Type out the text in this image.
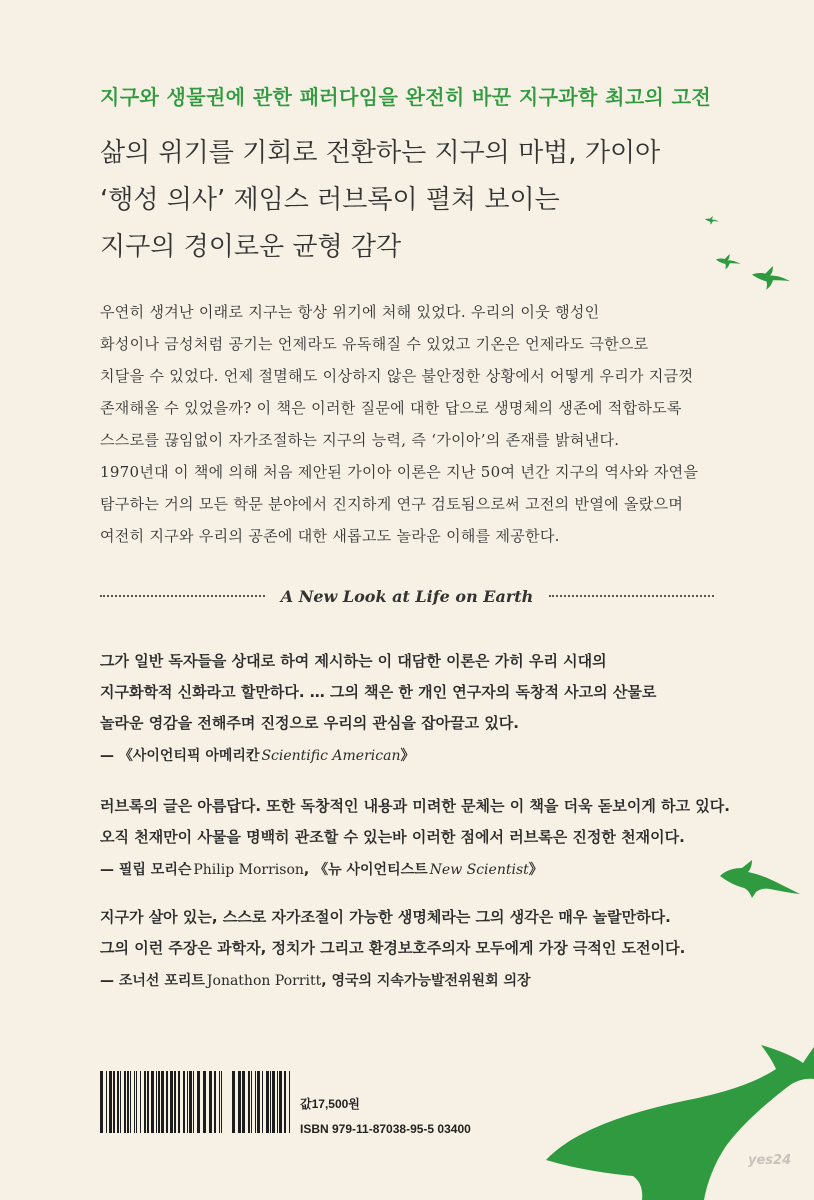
지구와 생물권에 관한 패러다임을 완전히 바꾼 지구과학 최고의 고전
삶의 위기를 기회로 전환하는 지구의 마법, 가이아
‘행성 의사’ 제임스 러브록이 펼쳐 보이는
지구의 경이로운 균형 감각
우연히 생겨난 이래로 지구는 항상 위기에 처해 있었다. 우리의 이웃 행성인
화성이나 금성처럼 공기는 언제라도 유독해질 수 있었고 기온은 언제라도 극한으로
치달을 수 있었다. 언제 절멸해도 이상하지 않은 불안정한 상황에서 어떻게 우리가 지금껏
존재해올 수 있었을까? 이 책은 이러한 질문에 대한 답으로 생명체의 생존에 적합하도록
스스로를 끊임없이 자가조절하는 지구의 능력, 즉 ‘가이아’의 존재를 밝혀낸다.
1970년대 이 책에 의해 처음 제안된 가이아 이론은 지난 50여 년간 지구의 역사와 자연을
탐구하는 거의 모든 학문 분야에서 진지하게 연구 검토됨으로써 고전의 반열에 올랐으며
여전히 지구와 우리의 공존에 대한 새롭고도 놀라운 이해를 제공한다.
A New Look at Life on Earth
그가 일반 독자들을 상대로 하여 제시하는 이 대담한 이론은 가히 우리 시대의
지구화학적 신화라고 할만하다. … 그의 책은 한 개인 연구자의 독창적 사고의 산물로
놀라운 영감을 전해주며 진정으로 우리의 관심을 잡아끌고 있다.
— 《사이언티픽 아메리칸 Scientific American》
러브록의 글은 아름답다. 또한 독창적인 내용과 미려한 문체는 이 책을 더욱 돋보이게 하고 있다.
오직 천재만이 사물을 명백히 관조할 수 있는바 이러한 점에서 러브록은 진정한 천재이다.
— 필립 모리슨 Philip Morrison, 《뉴 사이언티스트 New Scientist》
지구가 살아 있는, 스스로 자가조절이 가능한 생명체라는 그의 생각은 매우 놀랄만하다.
그의 이런 주장은 과학자, 정치가 그리고 환경보호주의자 모두에게 가장 극적인 도전이다.
— 조너선 포리트 Jonathon Porritt, 영국의 지속가능발전위원회 의장
값17,500원
ISBN 979-11-87038-95-5 03400
yes24
